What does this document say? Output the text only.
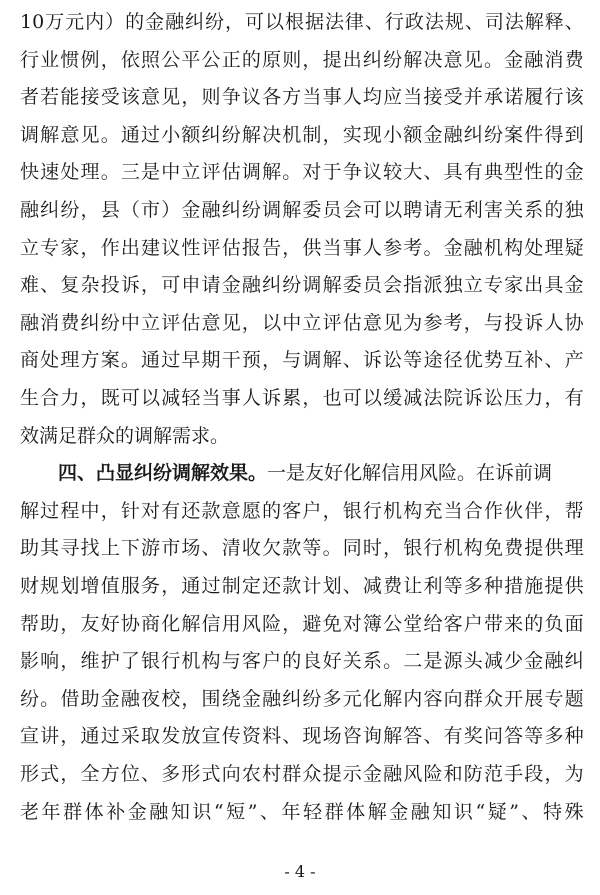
10 万 元 内 ） 的 金 融 纠 纷 ， 可 以 根 据 法 律 、 行 政 法 规 、 司 法 解 释 、
行 业 惯 例 ， 依 照 公 平 公 正 的 原 则 ， 提 出 纠 纷 解 决 意 见 。 金 融 消 费
者 若 能 接 受 该 意 见 ， 则 争 议 各 方 当 事 人 均 应 当 接 受 并 承 诺 履 行 该
调 解 意 见 。 通 过 小 额 纠 纷 解 决 机 制 ， 实 现 小 额 金 融 纠 纷 案 件 得 到
快 速 处 理 。 三 是 中 立 评 估 调 解 。 对 于 争 议 较 大 、 具 有 典 型 性 的 金
融 纠 纷 ， 县 （ 市 ） 金 融 纠 纷 调 解 委 员 会 可 以 聘 请 无 利 害 关 系 的 独
立 专 家 ， 作 出 建 议 性 评 估 报 告 ， 供 当 事 人 参 考 。 金 融 机 构 处 理 疑
难 、 复 杂 投 诉 ， 可 申 请 金 融 纠 纷 调 解 委 员 会 指 派 独 立 专 家 出 具 金
融 消 费 纠 纷 中 立 评 估 意 见 ， 以 中 立 评 估 意 见 为 参 考 ， 与 投 诉 人 协
商 处 理 方 案 。 通 过 早 期 干 预 ， 与 调 解 、 诉 讼 等 途 径 优 势 互 补 、 产
生 合 力 ， 既 可 以 减 轻 当 事 人 诉 累 ， 也 可 以 缓 减 法 院 诉 讼 压 力 ， 有
效满足群众的调解需求。
四、凸显纠纷调解效果。 一是友好化解信用风险。在诉前调
解 过 程 中 ， 针 对 有 还 款 意 愿 的 客 户 ， 银 行 机 构 充 当 合 作 伙 伴 ， 帮
助 其 寻 找 上 下 游 市 场 、 清 收 欠 款 等 。 同 时 ， 银 行 机 构 免 费 提 供 理
财 规 划 增 值 服 务 ， 通 过 制 定 还 款 计 划 、 减 费 让 利 等 多 种 措 施 提 供
帮 助 ， 友 好 协 商 化 解 信 用 风 险 ， 避 免 对 簿 公 堂 给 客 户 带 来 的 负 面
影 响 ， 维 护 了 银 行 机 构 与 客 户 的 良 好 关 系 。 二 是 源 头 减 少 金 融 纠
纷 。 借 助 金 融 夜 校 ， 围 绕 金 融 纠 纷 多 元 化 解 内 容 向 群 众 开 展 专 题
宣 讲 ， 通 过 采 取 发 放 宣 传 资 料 、 现 场 咨 询 解 答 、 有 奖 问 答 等 多 种
形 式 ， 全 方 位 、 多 形 式 向 农 村 群 众 提 示 金 融 风 险 和 防 范 手 段 ， 为
老 年 群 体 补 金 融 知 识 “ 短 ” 、 年 轻 群 体 解 金 融 知 识 “ 疑 ” 、 特 殊
- 4 -
